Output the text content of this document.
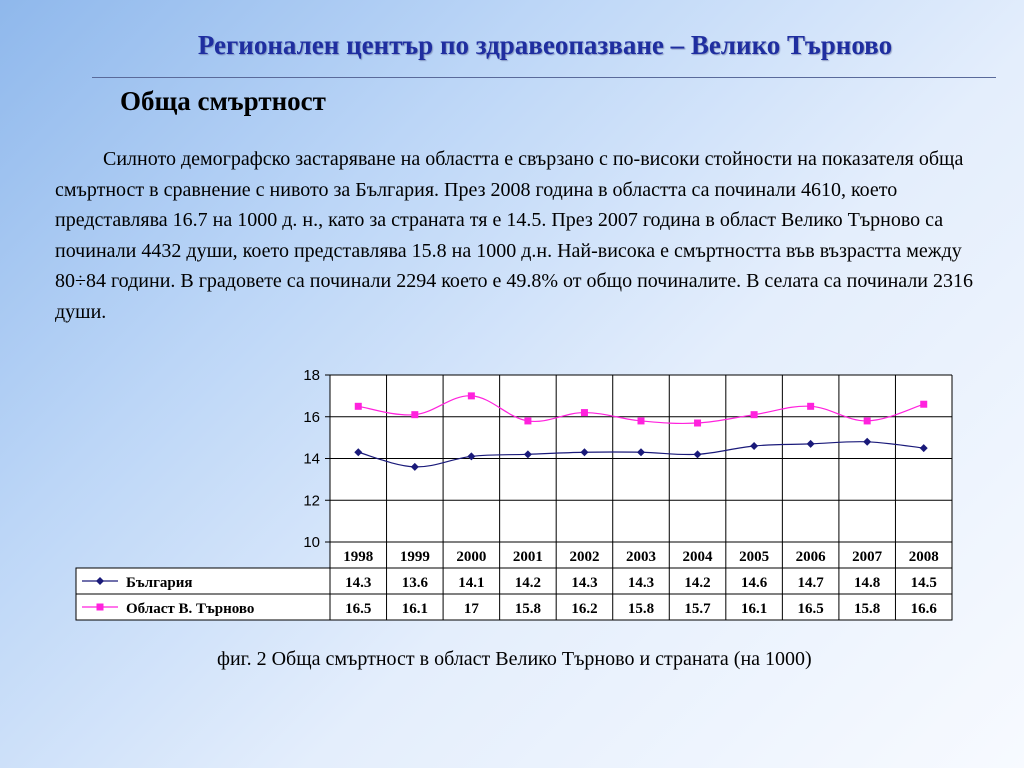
Регионален център по здравеопазване – Велико Търново
Обща смъртност

Силното демографско застаряване на областта е свързано с по-високи стойности на показателя обща смъртност в сравнение с нивото за България. През 2008 година в областта са починали 4610, което представлява 16.7 на 1000 д. н., като за страната тя е 14.5. През 2007 година в област Велико Търново са починали 4432 души, което представлява 15.8 на 1000 д.н. Най-висока е смъртността във възрастта между 80÷84 години. В градовете са починали 2294 което е 49.8% от общо починалите. В селата са починали 2316 души.

10
12
14
16
18
1998 1999 2000 2001 2002 2003 2004 2005 2006 2007 2008
България	14.3 13.6 14.1 14.2 14.3 14.3 14.2 14.6 14.7 14.8 14.5
Област В. Търново	16.5 16.1 17 15.8 16.2 15.8 15.7 16.1 16.5 15.8 16.6
фиг. 2 Обща смъртност в област Велико Търново и страната (на 1000)
